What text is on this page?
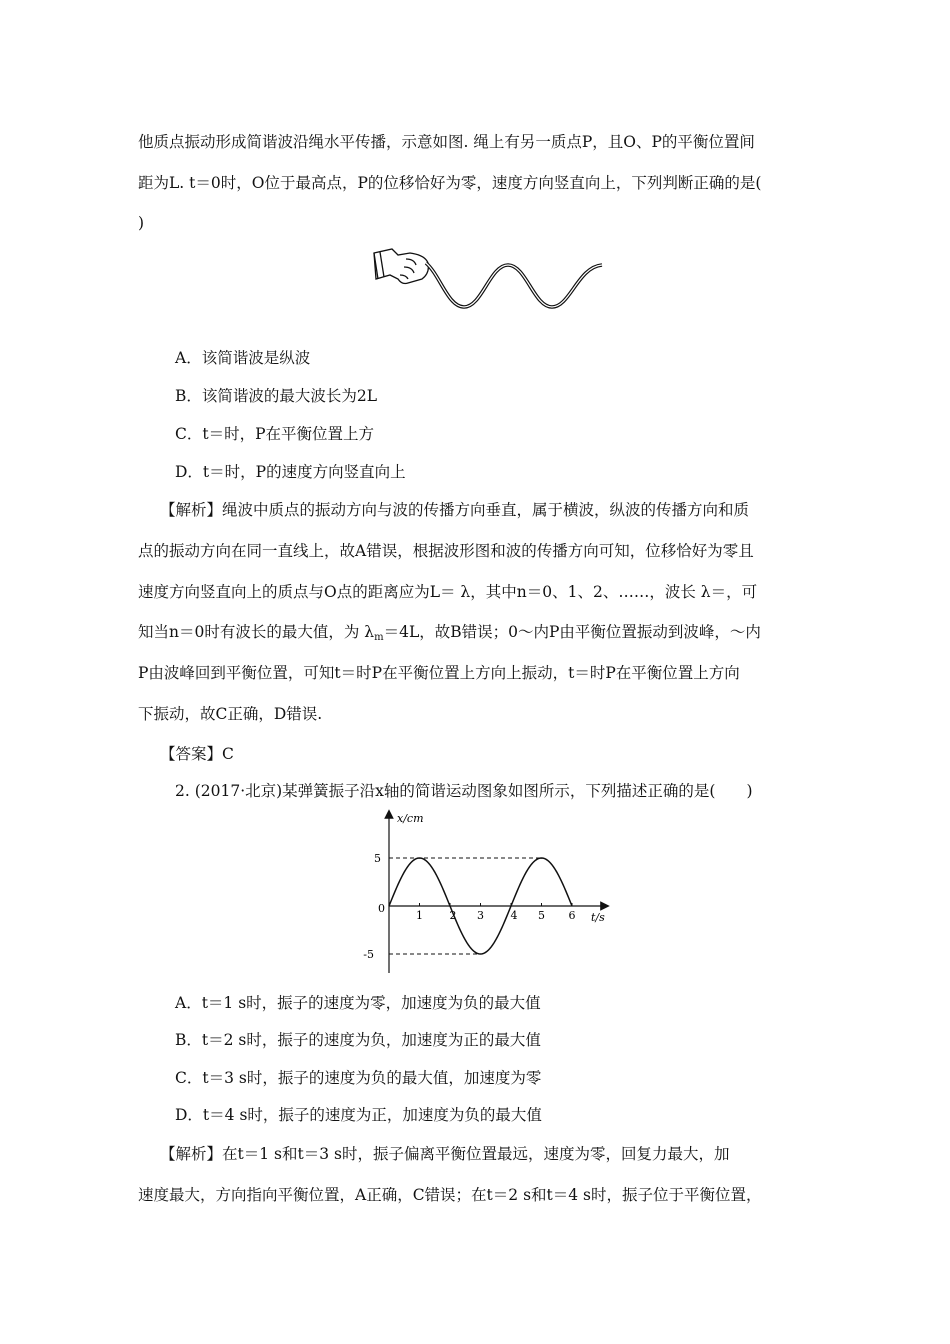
他质点振动形成简谐波沿绳水平传播，示意如图. 绳上有另一质点P，且O、P的平衡位置间
距为L. t＝0时，O位于最高点，P的位移恰好为零，速度方向竖直向上，下列判断正确的是(
)
A．该简谐波是纵波
B．该简谐波的最大波长为2L
C．t＝时，P在平衡位置上方
D．t＝时，P的速度方向竖直向上
【解析】绳波中质点的振动方向与波的传播方向垂直，属于横波，纵波的传播方向和质
点的振动方向在同一直线上，故A错误，根据波形图和波的传播方向可知，位移恰好为零且
速度方向竖直向上的质点与O点的距离应为L＝ λ，其中n＝0、1、2、……，波长 λ＝，可
知当n＝0时有波长的最大值，为 $\lambda_m=4L$，故B错误；0～内P由平衡位置振动到波峰，～内
P由波峰回到平衡位置，可知t＝时P在平衡位置上方向上振动，t＝时P在平衡位置上方向
下振动，故C正确，D错误.
【答案】C
2. (2017·北京)某弹簧振子沿x轴的简谐运动图象如图所示，下列描述正确的是(　　)
x/cm
t/s
0
5
-5
1 2 3 4 5 6
A．t＝1 s时，振子的速度为零，加速度为负的最大值
B．t＝2 s时，振子的速度为负，加速度为正的最大值
C．t＝3 s时，振子的速度为负的最大值，加速度为零
D．t＝4 s时，振子的速度为正，加速度为负的最大值
【解析】在t＝1 s和t＝3 s时，振子偏离平衡位置最远，速度为零，回复力最大，加
速度最大，方向指向平衡位置，A正确，C错误；在t＝2 s和t＝4 s时，振子位于平衡位置，
